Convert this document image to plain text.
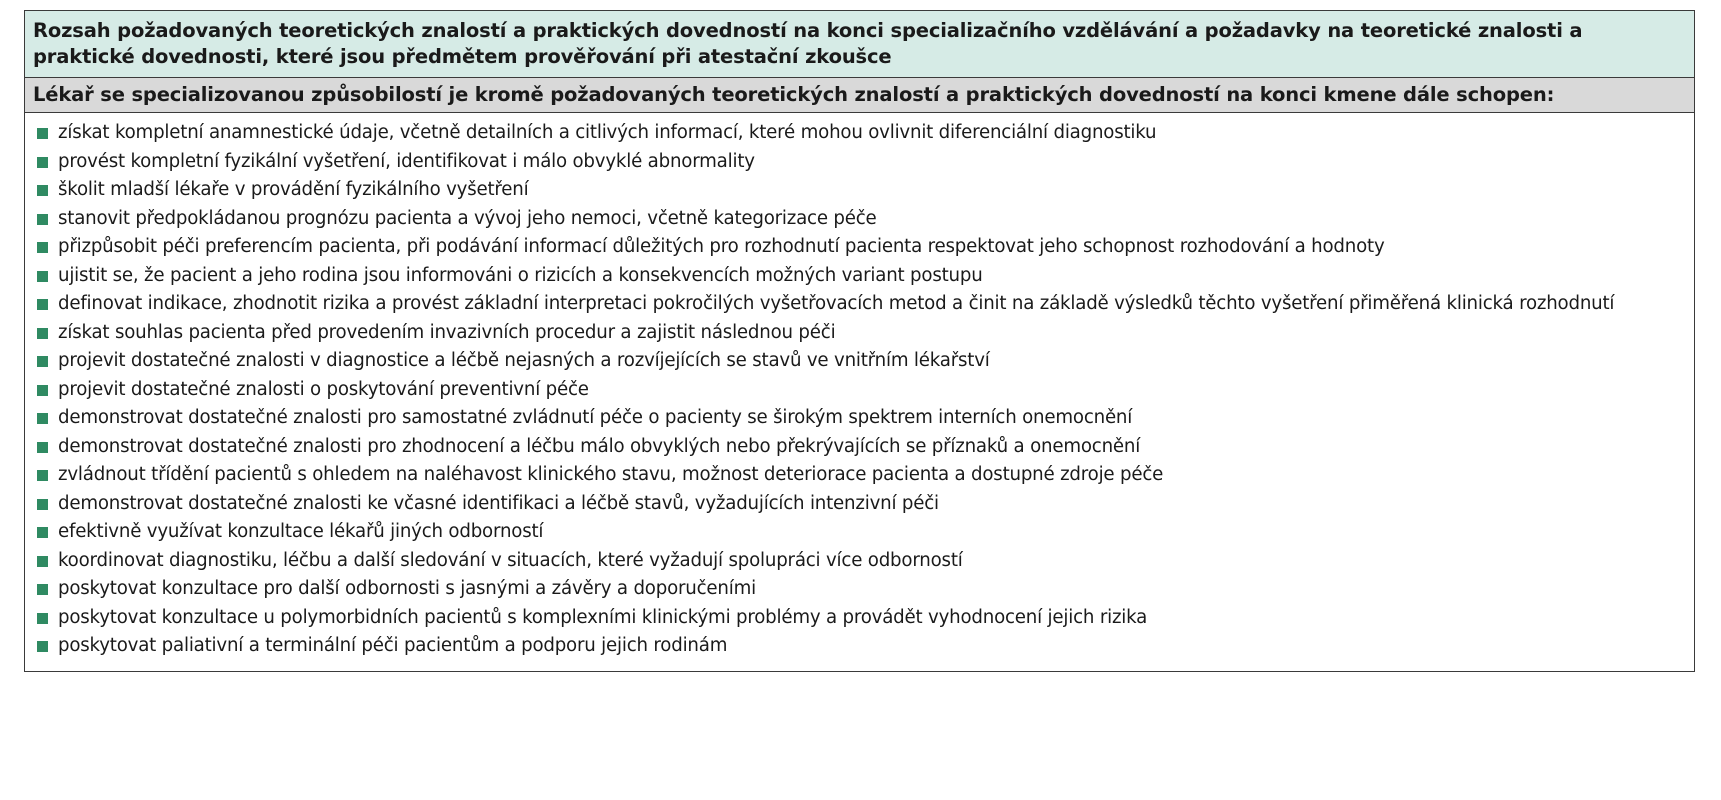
Rozsah požadovaných teoretických znalostí a praktických dovedností na konci specializačního vzdělávání a požadavky na teoretické znalosti a praktické dovednosti, které jsou předmětem prověřování při atestační zkoušce
Lékař se specializovanou způsobilostí je kromě požadovaných teoretických znalostí a praktických dovedností na konci kmene dále schopen:
získat kompletní anamnestické údaje, včetně detailních a citlivých informací, které mohou ovlivnit diferenciální diagnostiku
provést kompletní fyzikální vyšetření, identifikovat i málo obvyklé abnormality
školit mladší lékaře v provádění fyzikálního vyšetření
stanovit předpokládanou prognózu pacienta a vývoj jeho nemoci, včetně kategorizace péče
přizpůsobit péči preferencím pacienta, při podávání informací důležitých pro rozhodnutí pacienta respektovat jeho schopnost rozhodování a hodnoty
ujistit se, že pacient a jeho rodina jsou informováni o rizicích a konsekvencích možných variant postupu
definovat indikace, zhodnotit rizika a provést základní interpretaci pokročilých vyšetřovacích metod a činit na základě výsledků těchto vyšetření přiměřená klinická rozhodnutí
získat souhlas pacienta před provedením invazivních procedur a zajistit následnou péči
projevit dostatečné znalosti v diagnostice a léčbě nejasných a rozvíjejících se stavů ve vnitřním lékařství
projevit dostatečné znalosti o poskytování preventivní péče
demonstrovat dostatečné znalosti pro samostatné zvládnutí péče o pacienty se širokým spektrem interních onemocnění
demonstrovat dostatečné znalosti pro zhodnocení a léčbu málo obvyklých nebo překrývajících se příznaků a onemocnění
zvládnout třídění pacientů s ohledem na naléhavost klinického stavu, možnost deteriorace pacienta a dostupné zdroje péče
demonstrovat dostatečné znalosti ke včasné identifikaci a léčbě stavů, vyžadujících intenzivní péči
efektivně využívat konzultace lékařů jiných odborností
koordinovat diagnostiku, léčbu a další sledování v situacích, které vyžadují spolupráci více odborností
poskytovat konzultace pro další odbornosti s jasnými a závěry a doporučeními
poskytovat konzultace u polymorbidních pacientů s komplexními klinickými problémy a provádět vyhodnocení jejich rizika
poskytovat paliativní a terminální péči pacientům a podporu jejich rodinám
